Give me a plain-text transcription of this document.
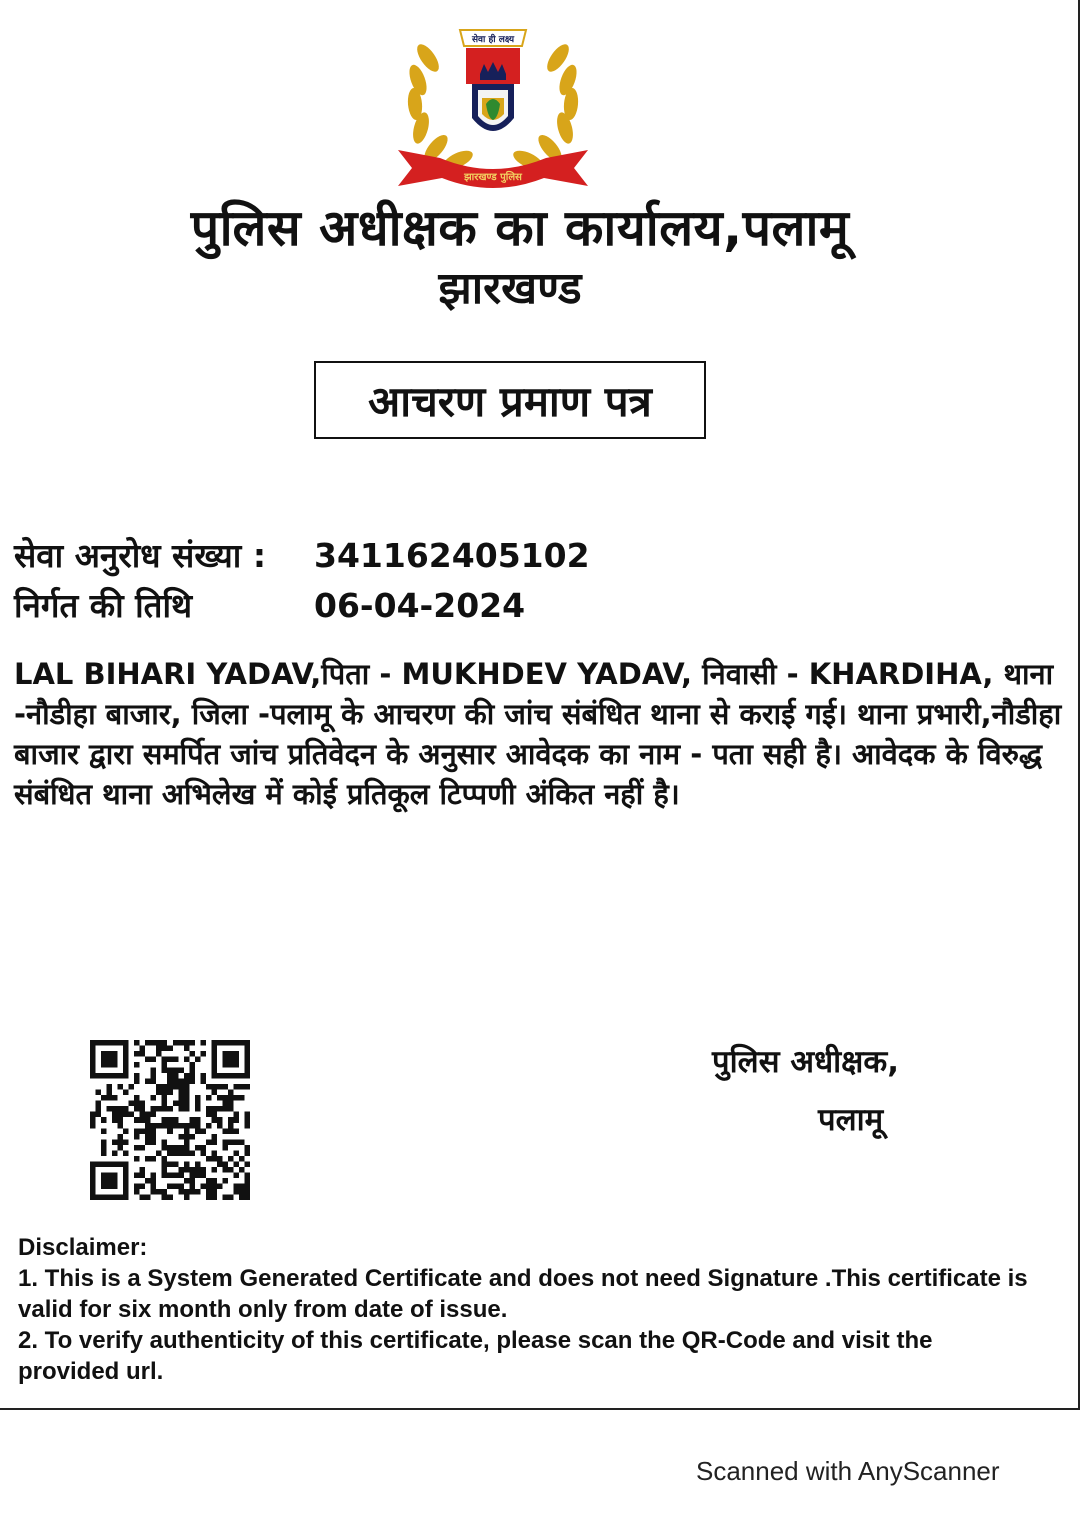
सेवा ही लक्ष्य
झारखण्ड पुलिस
पुलिस अधीक्षक का कार्यालय,पलामू
झारखण्ड
आचरण प्रमाण पत्र
सेवा अनुरोध संख्या : 341162405102
निर्गत की तिथि	06-04-2024
LAL BIHARI YADAV,पिता - MUKHDEV YADAV, निवासी - KHARDIHA, थाना -नौडीहा बाजार, जिला -पलामू के आचरण की जांच संबंधित थाना से कराई गई। थाना प्रभारी,नौडीहा बाजार द्वारा समर्पित जांच प्रतिवेदन के अनुसार आवेदक का नाम - पता सही है। आवेदक के विरुद्ध संबंधित थाना अभिलेख में कोई प्रतिकूल टिप्पणी अंकित नहीं है।
पुलिस अधीक्षक,
पलामू
Disclaimer:

1. This is a System Generated Certificate and does not need Signature .This certificate is valid for six month only from date of issue.

2. To verify authenticity of this certificate, please scan the QR-Code and visit the provided url.

Scanned with AnyScanner
